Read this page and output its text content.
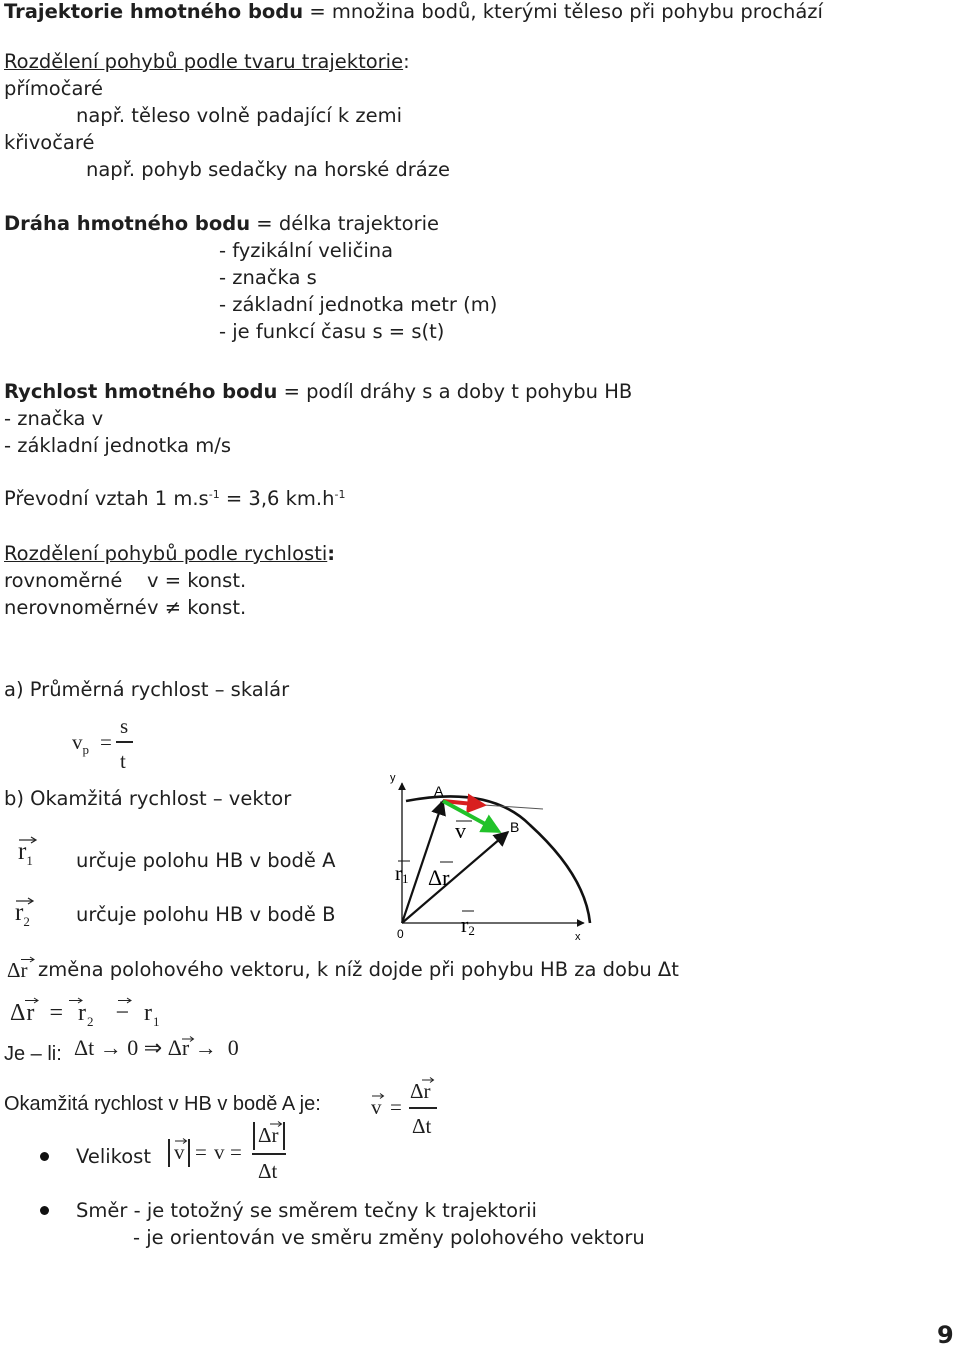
Trajektorie hmotného bodu = množina bodů, kterými těleso při pohybu prochází
Rozdělení pohybů podle tvaru trajektorie:
přímočaré
např. těleso volně padající k zemi
křivočaré
např. pohyb sedačky na horské dráze
Dráha hmotného bodu = délka trajektorie
- fyzikální veličina
- značka s
- základní jednotka metr (m)
- je funkcí času s = s(t)
Rychlost hmotného bodu = podíl dráhy s a doby t pohybu HB
- značka v
- základní jednotka m/s
Převodní vztah 1 $m.s^{-1} = 3,6$ $km.h^{-1}$
Rozdělení pohybů podle rychlosti:
rovnoměrné v = konst.
nerovnoměrné v ≠ konst.
a) Průměrná rychlost – skalár
$v_p$ =
s
t
b) Okamžitá rychlost – vektor
$r_1$ určuje polohu HB v bodě A
$r_2$ určuje polohu HB v bodě B
y
x
0
A
B
v
r1 Δr
r2
Δr změna polohového vektoru, k níž dojde při pohybu HB za dobu Δt
$\Delta r = r_2 - r_1$
Je – li: Δt → 0 ⇒ Δr → 0
Okamžitá rychlost v HB v bodě A je: v =
Δr
Δt
Velikost v = v =
Δr
Δt
Směr - je totožný se směrem tečny k trajektorii
- je orientován ve směru změny polohového vektoru
9
